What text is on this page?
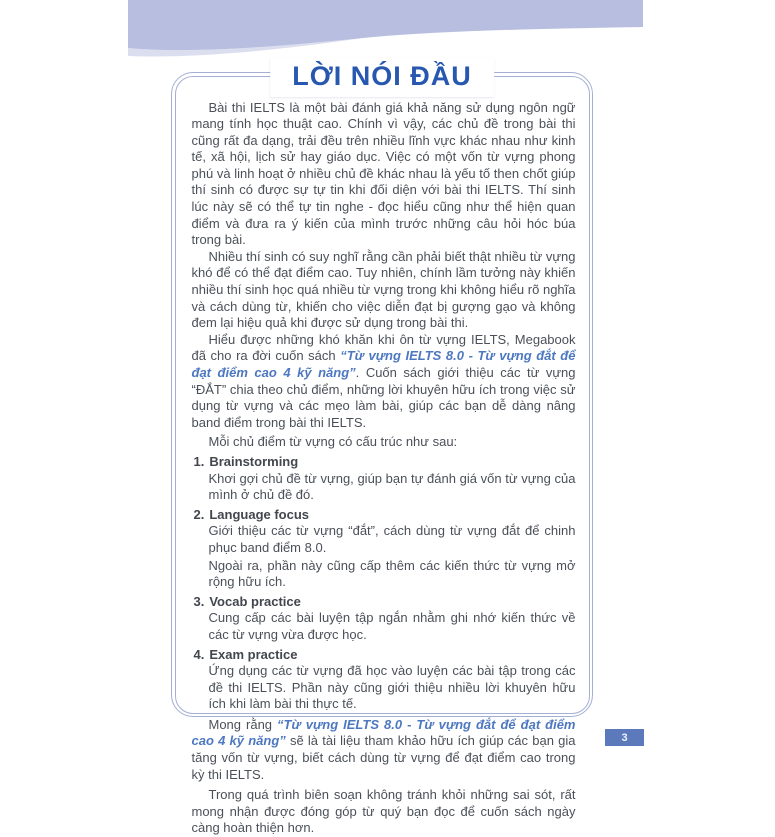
LỜI NÓI ĐẦU

Bài thi IELTS là một bài đánh giá khả năng sử dụng ngôn ngữ mang tính học thuật cao. Chính vì vậy, các chủ đề trong bài thi cũng rất đa dạng, trải đều trên nhiều lĩnh vực khác nhau như kinh tế, xã hội, lịch sử hay giáo dục. Việc có một vốn từ vựng phong phú và linh hoạt ở nhiều chủ đề khác nhau là yếu tố then chốt giúp thí sinh có được sự tự tin khi đối diện với bài thi IELTS. Thí sinh lúc này sẽ có thể tự tin nghe - đọc hiểu cũng như thể hiện quan điểm và đưa ra ý kiến của mình trước những câu hỏi hóc búa trong bài.

Nhiều thí sinh có suy nghĩ rằng cần phải biết thật nhiều từ vựng khó để có thể đạt điểm cao. Tuy nhiên, chính lầm tưởng này khiến nhiều thí sinh học quá nhiều từ vựng trong khi không hiểu rõ nghĩa và cách dùng từ, khiến cho việc diễn đạt bị gượng gạo và không đem lại hiệu quả khi được sử dụng trong bài thi.

Hiểu được những khó khăn khi ôn từ vựng IELTS, Megabook đã cho ra đời cuốn sách “Từ vựng IELTS 8.0 - Từ vựng đắt để đạt điểm cao 4 kỹ năng”. Cuốn sách giới thiệu các từ vựng “ĐẮT” chia theo chủ điểm, những lời khuyên hữu ích trong việc sử dụng từ vựng và các mẹo làm bài, giúp các bạn dễ dàng nâng band điểm trong bài thi IELTS.

Mỗi chủ điểm từ vựng có cấu trúc như sau:

1. Brainstorming

Khơi gợi chủ đề từ vựng, giúp bạn tự đánh giá vốn từ vựng của mình ở chủ đề đó.

2. Language focus

Giới thiệu các từ vựng “đắt”, cách dùng từ vựng đắt để chinh phục band điểm 8.0.

Ngoài ra, phần này cũng cấp thêm các kiến thức từ vựng mở rộng hữu ích.

3. Vocab practice

Cung cấp các bài luyện tập ngắn nhằm ghi nhớ kiến thức về các từ vựng vừa được học.

4. Exam practice

Ứng dụng các từ vựng đã học vào luyện các bài tập trong các đề thi IELTS. Phần này cũng giới thiệu nhiều lời khuyên hữu ích khi làm bài thi thực tế.

Mong rằng “Từ vựng IELTS 8.0 - Từ vựng đắt để đạt điểm cao 4 kỹ năng” sẽ là tài liệu tham khảo hữu ích giúp các bạn gia tăng vốn từ vựng, biết cách dùng từ vựng để đạt điểm cao trong kỳ thi IELTS.

Trong quá trình biên soạn không tránh khỏi những sai sót, rất mong nhận được đóng góp từ quý bạn đọc để cuốn sách ngày càng hoàn thiện hơn.

3
